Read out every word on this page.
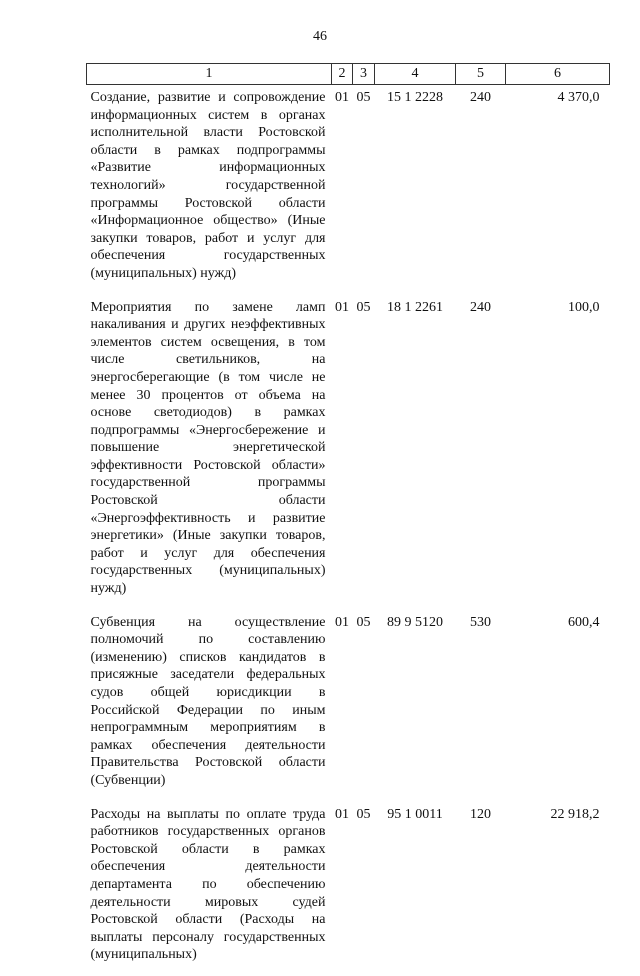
46
1	2	3	4	5	6
Создание, развитие и сопровождение информационных систем в органах исполнительной власти Ростовской области в рамках подпрограммы «Развитие информационных технологий» государственной программы Ростовской области «Информационное общество» (Иные закупки товаров, работ и услуг для обеспечения государственных (муниципальных) нужд)	01	05	15 1 2228	240	4 370,0
Мероприятия по замене ламп накаливания и других неэффективных элементов систем освещения, в том числе светильников, на энергосберегающие (в том числе не менее 30 процентов от объема на основе светодиодов) в рамках подпрограммы «Энергосбережение и повышение энергетической эффективности Ростовской области» государственной программы Ростовской области «Энергоэффективность и развитие энергетики» (Иные закупки товаров, работ и услуг для обеспечения государственных (муниципальных) нужд)	01	05	18 1 2261	240	100,0
Субвенция на осуществление полномочий по составлению (изменению) списков кандидатов в присяжные заседатели федеральных судов общей юрисдикции в Российской Федерации по иным непрограммным мероприятиям в рамках обеспечения деятельности Правительства Ростовской области (Субвенции)	01	05	89 9 5120	530	600,4
Расходы на выплаты по оплате труда работников государственных органов Ростовской области в рамках обеспечения деятельности департамента по обеспечению деятельности мировых судей Ростовской области (Расходы на выплаты персоналу государственных (муниципальных)	01	05	95 1 0011	120	22 918,2
